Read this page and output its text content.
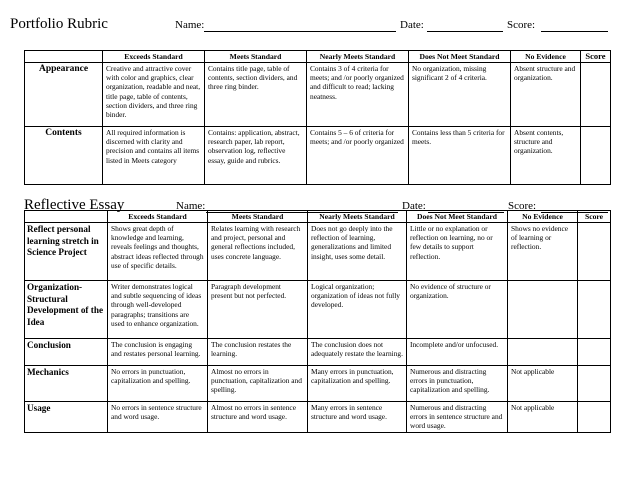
Portfolio Rubric	Name:	Date:	Score:
	Exceeds Standard	Meets Standard	Nearly Meets Standard	Does Not Meet Standard	No Evidence	Score
Appearance	Creative and attractive cover with color and graphics, clear organization, readable and neat, title page, table of contents, section dividers, and three ring binder.	Contains title page, table of contents, section dividers, and three ring binder.	Contains 3 of 4 criteria for meets; and /or poorly organized and difficult to read; lacking neatness.	No organization, missing significant 2 of 4 criteria.	Absent structure and organization.	
Contents	All required information is discerned with clarity and precision and contains all items listed in Meets category	Contains: application, abstract, research paper, lab report, observation log, reflective essay, guide and rubrics.	Contains 5 – 6 of criteria for meets; and /or poorly organized	Contains less than 5 criteria for meets.	Absent contents, structure and organization.	
Reflective Essay	Name:	Date:	Score:
	Exceeds Standard	Meets Standard	Nearly Meets Standard	Does Not Meet Standard	No Evidence	Score
Reflect personal learning stretch in Science Project	Shows great depth of knowledge and learning, reveals feelings and thoughts, abstract ideas reflected through use of specific details.	Relates learning with research and project, personal and general reflections included, uses concrete language.	Does not go deeply into the reflection of learning, generalizations and limited insight, uses some detail.	Little or no explanation or reflection on learning, no or few details to support reflection.	Shows no evidence of learning or reflection.	
Organization- Structural Development of the Idea	Writer demonstrates logical and subtle sequencing of ideas through well-developed paragraphs; transitions are used to enhance organization.	Paragraph development present but not perfected.	Logical organization; organization of ideas not fully developed.	No evidence of structure or organization.		
Conclusion	The conclusion is engaging and restates personal learning.	The conclusion restates the learning.	The conclusion does not adequately restate the learning.	Incomplete and/or unfocused.		
Mechanics	No errors in punctuation, capitalization and spelling.	Almost no errors in punctuation, capitalization and spelling.	Many errors in punctuation, capitalization and spelling.	Numerous and distracting errors in punctuation, capitalization and spelling.	Not applicable	
Usage	No errors in sentence structure and word usage.	Almost no errors in sentence structure and word usage.	Many errors in sentence structure and word usage.	Numerous and distracting errors in sentence structure and word usage.	Not applicable	
